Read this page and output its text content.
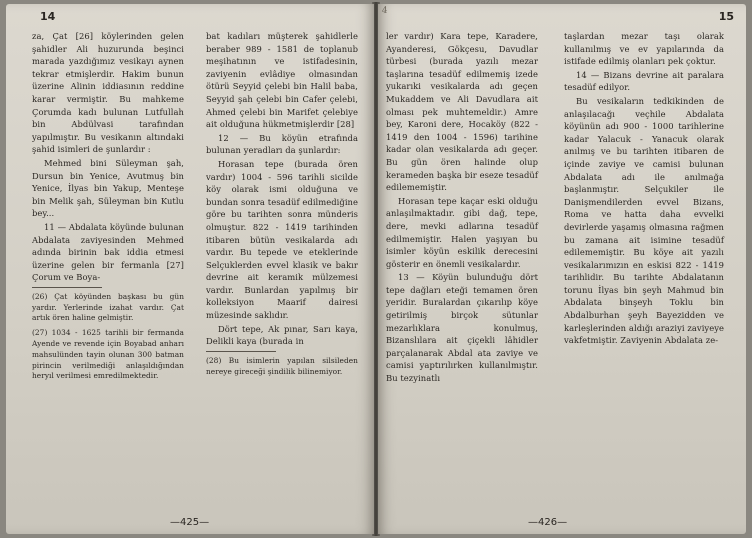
14

za, Çat [26] köylerinden gelen şahidler Ali huzurunda beşinci marada yazdığımız vesikayı aynen tekrar etmişlerdir. Hakim bunun üzerine Alinin iddiasının reddine karar vermiştir. Bu mahkeme Çorumda kadı bulunan Lutfullah bin Abdülvasi tarafından yapılmıştır. Bu vesikanın altındaki şahid isimleri de şunlardır :

Mehmed bini Süleyman şah, Dursun bin Yenice, Avutmuş bin Yenice, İlyas bin Yakup, Menteşe bin Melik şah, Süleyman bin Kutlu bey...

11 — Abdalata köyünde bulunan Abdalata zaviyesinden Mehmed adında birinin bak iddia etmesi üzerine gelen bir fermanla [27] Çorum ve Boya-

(26) Çat köyünden başkası bu gün yardır. Yerlerinde izahat vardır. Çat artık ören haline gelmiştir.

(27) 1034 - 1625 tarihli bir fermanda Ayende ve revende için Boyabad anharı mahsulünden tayin olunan 300 batman pirincin verilmediği anlaşıldığından heryıl verilmesi emredilmektedir.

bat kadıları müşterek şahidlerle beraber 989 - 1581 de toplanub meşihatının ve istifadesinin, zaviyenin evlâdiye olmasından ötürü Seyyid çelebi bin Halil baba, Seyyid şah çelebi bin Cafer çelebi, Ahmed çelebi bin Marifet çelebiye ait olduğuna hükmetmişlerdir [28]

12 — Bu köyün etrafında bulunan yeradları da şunlardır:

Horasan tepe (burada ören vardır) 1004 - 596 tarihli sicilde köy olarak ismi olduğuna ve bundan sonra tesadüf edilmediğine göre bu tarihten sonra münderis olmuştur. 822 - 1419 tarihinden itibaren bütün vesikalarda adı vardır. Bu tepede ve eteklerinde Selçuklerden evvel klasik ve bakır devrine ait keramik mülzemesi vardır. Bunlardan yapılmış bir kolleksiyon Maarif dairesi müzesinde saklıdır.

Dört tepe, Ak pınar, Sarı kaya, Delikli kaya (burada in

(28) Bu isimlerin yapılan silsileden nereye gireceği şindilik bilinemiyor.

—425—
4	15

ler vardır) Kara tepe, Karadere, Ayanderesi, Gökçesu, Davudlar türbesi (burada yazılı mezar taşlarına tesadüf edilmemiş izede yukarıki vesikalarda adı geçen Mukaddem ve Ali Davudlara ait olması pek muhtemeldir.) Amre bey, Karoni dere, Hocaköy (822 - 1419 den 1004 - 1596) tarihine kadar olan vesikalarda adı geçer. Bu gün ören halinde olup kerameden başka bir eseze tesadüf edilememiştir.

Horasan tepe kaçar eski olduğu anlaşılmaktadır. gibi dağ, tepe, dere, mevki adlarına tesadüf edilmemiştir. Halen yaşıyan bu isimler köyün eskilik derecesini gösterir en önemli vesikalardır.

13 — Köyün bulunduğu dört tepe dağları eteği temamen ören yeridir. Buralardan çıkarılıp köye getirilmiş birçok sütunlar mezarlıklara konulmuş, Bizanslılara ait çiçekli lâhidler parçalanarak Abdal ata zaviye ve camisi yaptırılırken kullanılmıştır. Bu tezyinatlı

taşlardan mezar taşı olarak kullanılmış ve ev yapılarında da istifade edilmiş olanları pek çoktur.

14 — Bizans devrine ait paralara tesadüf edilyor.

Bu vesikaların tedkikinden de anlaşılacağı veçhile Abdalata köyünün adı 900 - 1000 tarihlerine kadar Yalacuk - Yanacuk olarak anılmış ve bu tarihten itibaren de içinde zaviye ve camisi bulunan Abdalata adı ile anılmağa başlanmıştır. Selçukiler ile Danişmendilerden evvel Bizans, Roma ve hatta daha evvelki devirlerde yaşamış olmasına rağmen bu zamana ait isimine tesadüf edilememiştir. Bu köye ait yazılı vesikalarımızın en eskisi 822 - 1419 tarihlidir. Bu tarihte Abdalatanın torunu İlyas bin şeyh Mahmud bin Abdalata binşeyh Toklu bin Abdalburhan şeyh Bayezidden ve karleşlerinden aldığı araziyi zaviyeye vakfetmiştir. Zaviyenin Abdalata ze-

—426—
